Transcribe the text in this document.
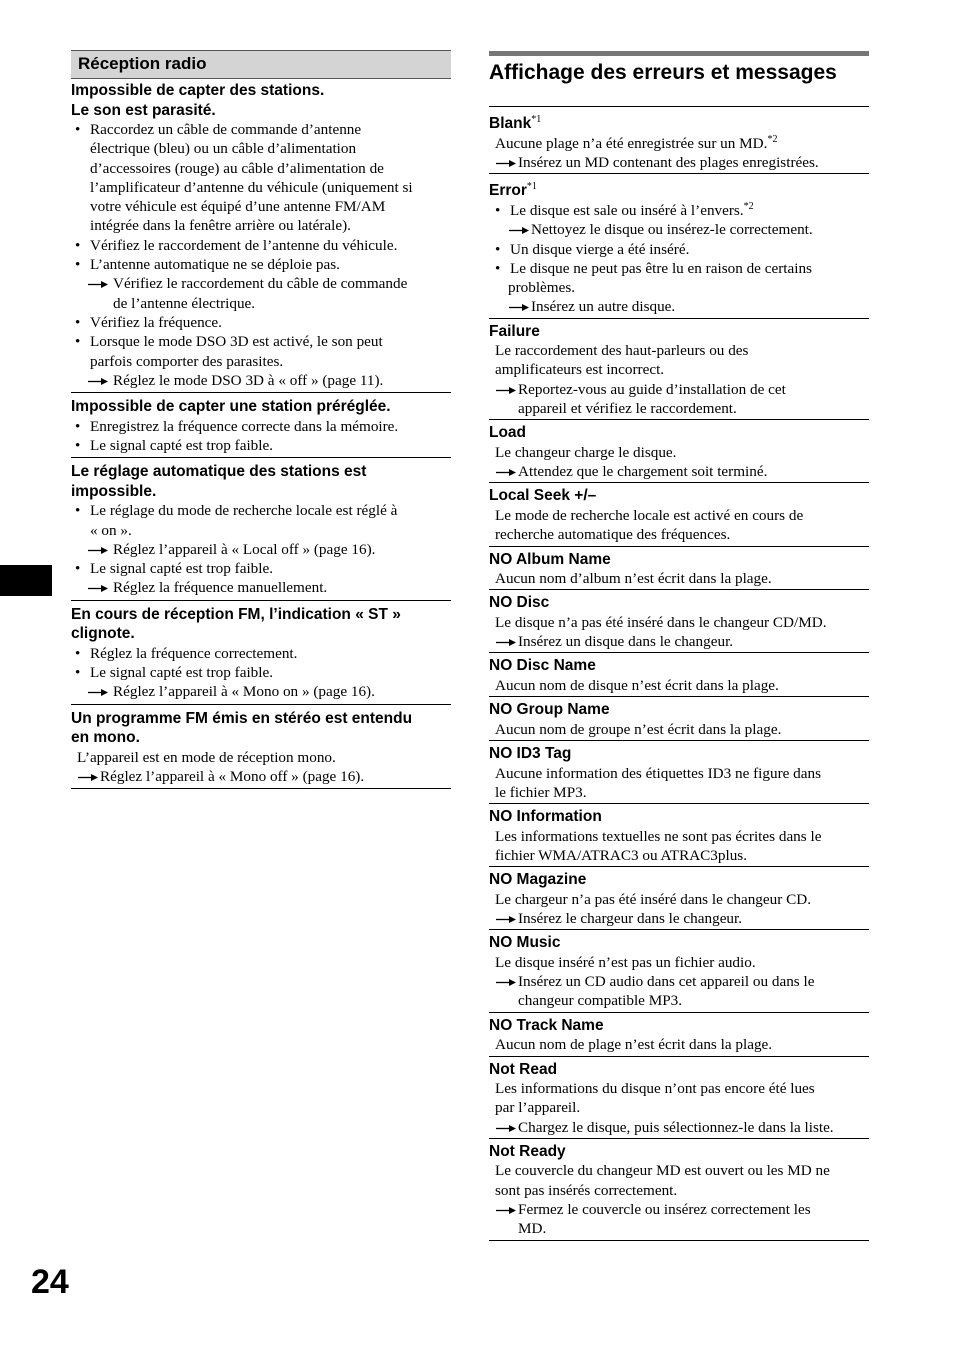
Réception radio
Impossible de capter des stations.
Le son est parasité.
• Raccordez un câble de commande d’antenne
électrique (bleu) ou un câble d’alimentation
d’accessoires (rouge) au câble d’alimentation de
l’amplificateur d’antenne du véhicule (uniquement si
votre véhicule est équipé d’une antenne FM/AM
intégrée dans la fenêtre arrière ou latérale).
• Vérifiez le raccordement de l’antenne du véhicule.
• L’antenne automatique ne se déploie pas.
Vérifiez le raccordement du câble de commande
de l’antenne électrique.
• Vérifiez la fréquence.
• Lorsque le mode DSO 3D est activé, le son peut
parfois comporter des parasites.
Réglez le mode DSO 3D à « off » (page 11).
Impossible de capter une station préréglée.
• Enregistrez la fréquence correcte dans la mémoire.
• Le signal capté est trop faible.
Le réglage automatique des stations est
impossible.
• Le réglage du mode de recherche locale est réglé à
« on ».
Réglez l’appareil à « Local off » (page 16).
• Le signal capté est trop faible.
Réglez la fréquence manuellement.
En cours de réception FM, l’indication « ST »
clignote.
• Réglez la fréquence correctement.
• Le signal capté est trop faible.
Réglez l’appareil à « Mono on » (page 16).
Un programme FM émis en stéréo est entendu
en mono.
L’appareil est en mode de réception mono.
Réglez l’appareil à « Mono off » (page 16).
Affichage des erreurs et messages
Blank$^{*1}$
Aucune plage n’a été enregistrée sur un MD.$^{*2}$
Insérez un MD contenant des plages enregistrées.
Error$^{*1}$
• Le disque est sale ou inséré à l’envers.$^{*2}$
Nettoyez le disque ou insérez-le correctement.
• Un disque vierge a été inséré.
• Le disque ne peut pas être lu en raison de certains
problèmes.
Insérez un autre disque.
Failure
Le raccordement des haut-parleurs ou des
amplificateurs est incorrect.
Reportez-vous au guide d’installation de cet
appareil et vérifiez le raccordement.
Load
Le changeur charge le disque.
Attendez que le chargement soit terminé.
Local Seek +/–
Le mode de recherche locale est activé en cours de
recherche automatique des fréquences.
NO Album Name
Aucun nom d’album n’est écrit dans la plage.
NO Disc
Le disque n’a pas été inséré dans le changeur CD/MD.
Insérez un disque dans le changeur.
NO Disc Name
Aucun nom de disque n’est écrit dans la plage.
NO Group Name
Aucun nom de groupe n’est écrit dans la plage.
NO ID3 Tag
Aucune information des étiquettes ID3 ne figure dans
le fichier MP3.
NO Information
Les informations textuelles ne sont pas écrites dans le
fichier WMA/ATRAC3 ou ATRAC3plus.
NO Magazine
Le chargeur n’a pas été inséré dans le changeur CD.
Insérez le chargeur dans le changeur.
NO Music
Le disque inséré n’est pas un fichier audio.
Insérez un CD audio dans cet appareil ou dans le
changeur compatible MP3.
NO Track Name
Aucun nom de plage n’est écrit dans la plage.
Not Read
Les informations du disque n’ont pas encore été lues
par l’appareil.
Chargez le disque, puis sélectionnez-le dans la liste.
Not Ready
Le couvercle du changeur MD est ouvert ou les MD ne
sont pas insérés correctement.
Fermez le couvercle ou insérez correctement les
MD.
24
